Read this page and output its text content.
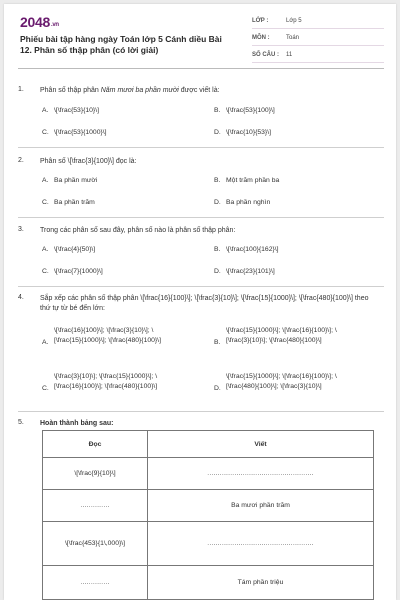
2048.vn
Phiếu bài tập hàng ngày Toán lớp 5 Cánh diều Bài 12. Phân số thập phân (có lời giải)
LỚP :	Lớp 5
MÔN :	Toán
SỐ CÂU : 11
1. Phân số thập phân Năm mươi ba phần mười được viết là:
A. \[\frac{53}{10}\]	B. \[\frac{53}{100}\]
C. \[\frac{53}{1000}\]	D. \[\frac{10}{53}\]
2. Phân số \[\frac{3}{100}\] đọc là:
A. Ba phần mười	B. Một trăm phần ba
C. Ba phần trăm	D. Ba phần nghìn
3. Trong các phân số sau đây, phân số nào là phân số thập phân:
A. \[\frac{4}{50}\]	B. \[\frac{100}{162}\]
C. \[\frac{7}{1000}\]	D. \[\frac{23}{101}\]
4. Sắp xếp các phân số thập phân \[\frac{16}{100}\]; \[\frac{3}{10}\]; \[\frac{15}{1000}\]; \[\frac{480}{100}\] theo thứ tự từ bé đến lớn:
A.
\[\frac{16}{100}\]; \[\frac{3}{10}\]; \[\frac{15}{1000}\]; \[\frac{480}{100}\]	B.
\[\frac{15}{1000}\]; \[\frac{16}{100}\]; \[\frac{3}{10}\]; \[\frac{480}{100}\]
C.
\[\frac{3}{10}\]; \[\frac{15}{1000}\]; \[\frac{16}{100}\]; \[\frac{480}{100}\]	D.
\[\frac{15}{1000}\]; \[\frac{16}{100}\]; \[\frac{480}{100}\]; \[\frac{3}{10}\]
5. Hoàn thành bảng sau:
Đọc	Viết
\[\frac{9}{10}\]	...................................................
..............	Ba mươi phần trăm
\[\frac{453}{1\,000}\]	...................................................
..............	Tám phần triệu
